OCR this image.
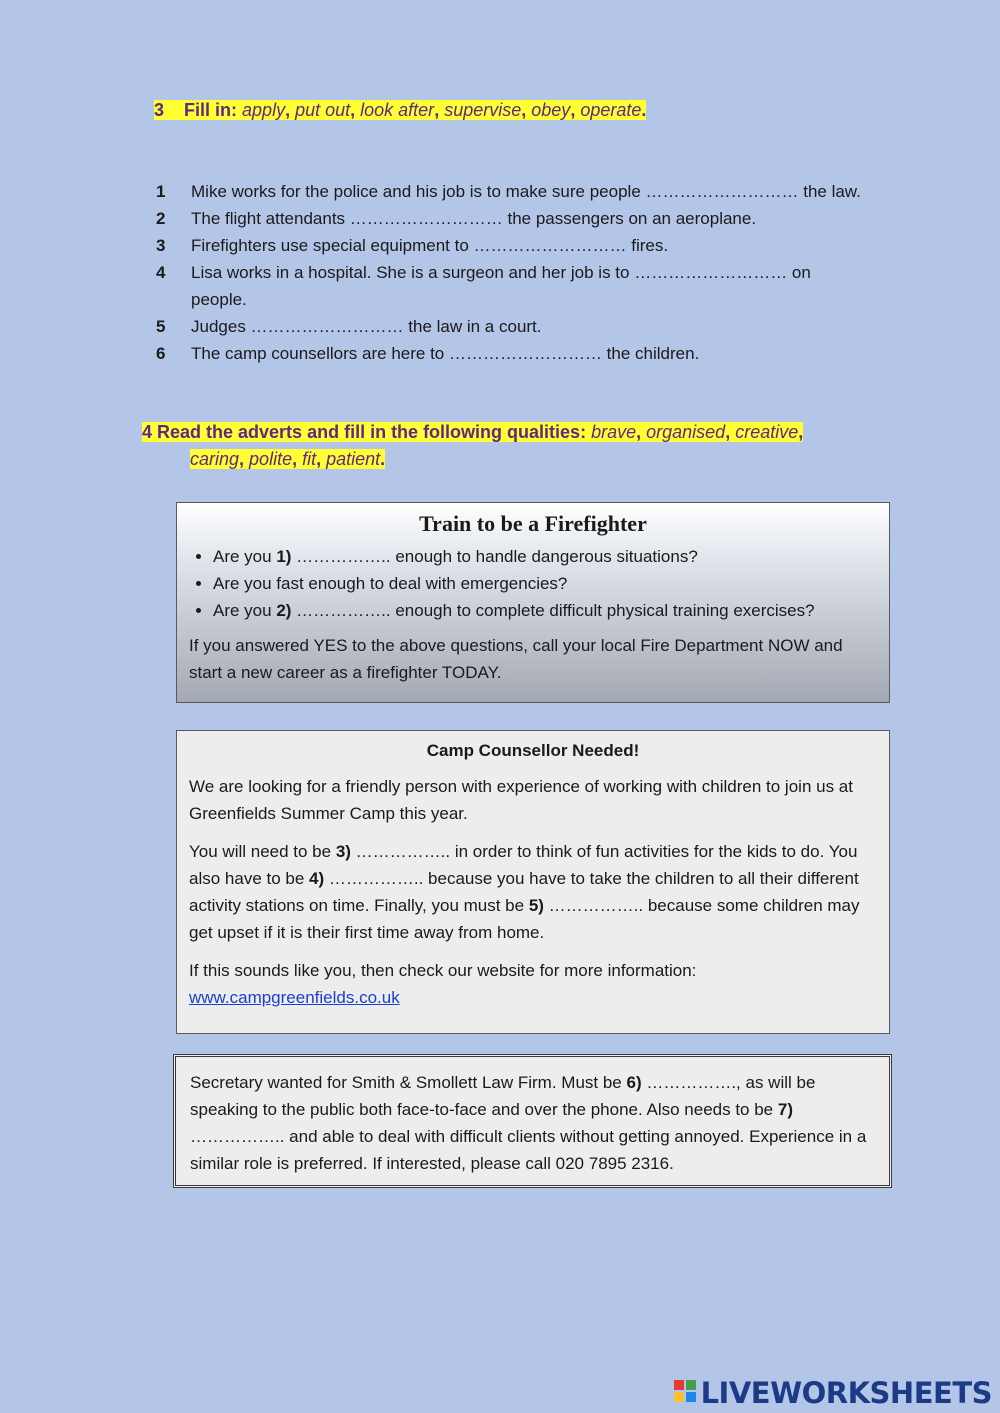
3 Fill in: apply, put out, look after, supervise, obey, operate.
1	Mike works for the police and his job is to make sure people ……………………… the law.
2	The flight attendants ……………………… the passengers on an aeroplane.
3	Firefighters use special equipment to ……………………… fires.
4	Lisa works in a hospital. She is a surgeon and her job is to ……………………… on people.
5	Judges ……………………… the law in a court.
6	The camp counsellors are here to ……………………… the children.
4 Read the adverts and fill in the following qualities: brave, organised, creative,
caring, polite, fit, patient.
Train to be a Firefighter
• Are you 1) …………….. enough to handle dangerous situations?
• Are you fast enough to deal with emergencies?
• Are you 2) …………….. enough to complete difficult physical training exercises?

If you answered YES to the above questions, call your local Fire Department NOW and start a new career as a firefighter TODAY.

Camp Counsellor Needed!

We are looking for a friendly person with experience of working with children to join us at Greenfields Summer Camp this year.

You will need to be 3) …………….. in order to think of fun activities for the kids to do. You also have to be 4) …………….. because you have to take the children to all their different activity stations on time. Finally, you must be 5) …………….. because some children may get upset if it is their first time away from home.

If this sounds like you, then check our website for more information:
www.campgreenfields.co.uk

Secretary wanted for Smith & Smollett Law Firm. Must be 6) ……………., as will be speaking to the public both face-to-face and over the phone. Also needs to be 7) …………….. and able to deal with difficult clients without getting annoyed. Experience in a similar role is preferred. If interested, please call 020 7895 2316.
LIVEWORKSHEETS
